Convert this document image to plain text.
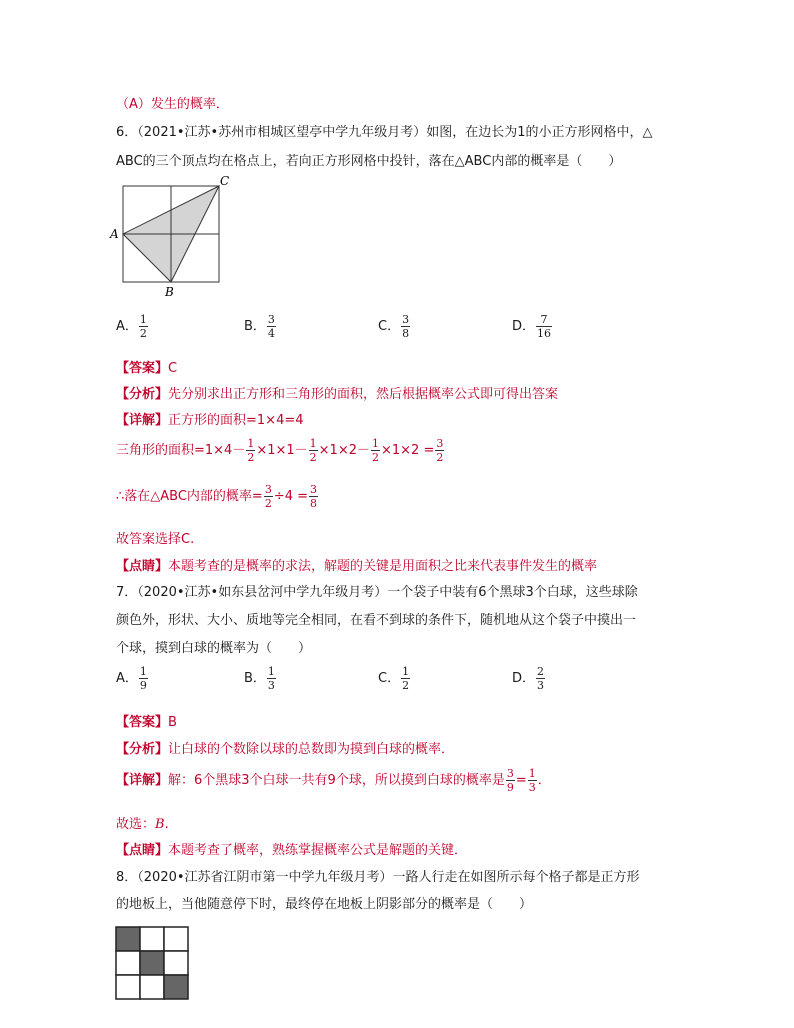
（A）发生的概率．
6．（2021•江苏•苏州市相城区望亭中学九年级月考）如图，在边长为1的小正方形网格中，△
ABC的三个顶点均在格点上，若向正方形网格中投针，落在△ABC内部的概率是（　　）
A
B
C
A． $\frac{1}{2}$	B． $\frac{3}{4}$	C． $\frac{3}{8}$	D． $\frac{7}{16}$
【答案】C
【分析】先分别求出正方形和三角形的面积，然后根据概率公式即可得出答案
【详解】正方形的面积=1×4=4
三角形的面积$=1\times 4- \frac{1}{2} \times 1\times 1- \frac{1}{2} \times 1\times 2- \frac{1}{2} \times 1\times 2 = \frac{3}{2}$
∴落在△ABC内部的概率= $\frac{3}{2} \div 4 = \frac{3}{8}$
故答案选择C.
【点睛】本题考查的是概率的求法，解题的关键是用面积之比来代表事件发生的概率
7．（2020•江苏•如东县岔河中学九年级月考）一个袋子中装有6个黑球3个白球，这些球除
颜色外，形状、大小、质地等完全相同，在看不到球的条件下，随机地从这个袋子中摸出一
个球，摸到白球的概率为（　　）
A． $\frac{1}{9}$	B． $\frac{1}{3}$	C． $\frac{1}{2}$	D． $\frac{2}{3}$
【答案】B
【分析】让白球的个数除以球的总数即为摸到白球的概率．
【详解】解：6个黑球3个白球一共有9个球，所以摸到白球的概率是 $\frac{3}{9} = \frac{1}{3}$ ．
故选：B.
【点睛】本题考查了概率，熟练掌握概率公式是解题的关键．
8．（2020•江苏省江阴市第一中学九年级月考）一路人行走在如图所示每个格子都是正方形
的地板上，当他随意停下时，最终停在地板上阴影部分的概率是（　　）
